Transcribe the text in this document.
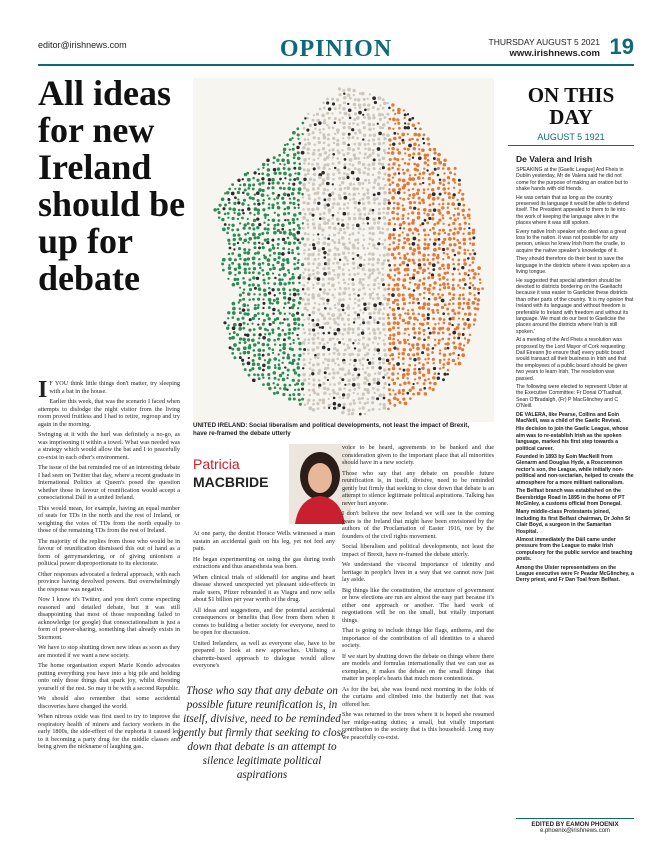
editor@irishnews.com	OPINION	THURSDAY AUGUST 5 2021
www.irishnews.com 19
All ideas for new Ireland should be up for debate
UNITED IRELAND: Social liberalism and political developments, not least the impact of Brexit, have re-framed the debate utterly
I F YOU think little things don't matter, try sleeping with a bat in the house.

Earlier this week, that was the scenario I faced when attempts to dislodge the night visitor from the living room proved fruitless and I had to retire, regroup and try again in the morning.

Swinging at it with the hurl was definitely a no-go, as was imprisoning it within a towel. What was needed was a strategy which would allow the bat and I to peacefully co-exist in each other's environment.

The issue of the bat reminded me of an interesting debate I had seen on Twitter that day, where a recent graduate in International Politics at Queen's posed the question whether those in favour of reunification would accept a consociational Dáil in a united Ireland.

This would mean, for example, having an equal number of seats for TDs in the north and the rest of Ireland, or weighting the votes of TDs from the north equally to those of the remaining TDs from the rest of Ireland.

The majority of the replies from those who would be in favour of reunification dismissed this out of hand as a form of gerrymandering, or of giving unionism a political power disproportionate to its electorate.

Other responses advocated a federal approach, with each province having devolved powers. But overwhelmingly the response was negative.

Now I know it's Twitter, and you don't come expecting reasoned and detailed debate, but it was still disappointing that most of those responding failed to acknowledge (or google) that consociationalism is just a form of power-sharing, something that already exists in Stormont.

We have to stop shutting down new ideas as soon as they are mooted if we want a new society.

The home organisation expert Marie Kondo advocates putting everything you have into a big pile and holding onto only those things that spark joy, whilst divesting yourself of the rest. So may it be with a second Republic.

We should also remember that some accidental discoveries have changed the world.

When nitrous oxide was first used to try to improve the respiratory health of miners and factory workers in the early 1800s, the side-effect of the euphoria it caused led to it becoming a party drug for the middle classes and being given the nickname of laughing gas.

Patricia
MACBRIDE

At one party, the dentist Horace Wells witnessed a man sustain an accidental gash on his leg, yet not feel any pain.

He began experimenting on using the gas during tooth extractions and thus anaesthesia was born.

When clinical trials of sildenafil for angina and heart disease showed unexpected yet pleasant side-effects in male users, Pfizer rebranded it as Viagra and now sells about $1 billion per year worth of the drug.

All ideas and suggestions, and the potential accidental consequences or benefits that flow from them when it comes to building a better society for everyone, need to be open for discussion.

United Irelanders, as well as everyone else, have to be prepared to look at new approaches. Utilising a charrette-based approach to dialogue would allow everyone's

voice to be heard, agreements to be banked and due consideration given to the important place that all minorities should have in a new society.

Those who say that any debate on possible future reunification is, in itself, divisive, need to be reminded gently but firmly that seeking to close down that debate is an attempt to silence legitimate political aspirations. Talking has never hurt anyone.

I don't believe the new Ireland we will see in the coming years is the Ireland that might have been envisioned by the authors of the Proclamation of Easter 1916, nor by the founders of the civil rights movement.

Social liberalism and political developments, not least the impact of Brexit, have re-framed the debate utterly.

We understand the visceral importance of identity and heritage in people's lives in a way that we cannot now just lay aside.

Big things like the constitution, the structure of government or how elections are run are almost the easy part because it's either one approach or another. The hard work of negotiations will be on the small, but vitally important things.

That is going to include things like flags, anthems, and the importance of the contribution of all identities to a shared society.

If we start by shutting down the debate on things where there are models and formulas internationally that we can use as exemplars, it makes the debate on the small things that matter in people's hearts that much more contentious.

As for the bat, she was found next morning in the folds of the curtains and climbed into the butterfly net that was offered her.

She was returned to the trees where it is hoped she resumed her midge-eating duties; a small, but vitally important contribution to the society that is this household. Long may we peacefully co-exist.

Those who say that any debate on possible future reunification is, in itself, divisive, need to be reminded gently but firmly that seeking to close down that debate is an attempt to silence legitimate political aspirations
ON THIS DAY
AUGUST 5 1921
De Valera and Irish

SPEAKING at the [Gaelic League] Ard Fheis in Dublin yesterday, Mr de Valera said he did not come for the purpose of making an oration but to shake hands with old friends.

He was certain that as long as the country preserved its language it would be able to defend itself. The President appealed to them to lie into the work of keeping the language alive in the places where it was still spoken.

Every native Irish speaker who died was a great loss to the nation. It was not possible for any person, unless he knew Irish from the cradle, to acquire the native speaker's knowledge of it.

They should therefore do their best to save the language in the districts where it was spoken as a living tongue.

He suggested that special attention should be devoted to districts bordering on the Gaeltacht because it was easier to Gaelicise these districts than other parts of the country. 'It is my opinion that Ireland with its language and without freedom is preferable to Ireland with freedom and without its language. We must do our best to Gaelicise the places around the districts where Irish is still spoken.'

At a meeting of the Ard Fheis a resolution was proposed by the Lord Mayor of Cork requesting Dail Eireann [to ensure that] every public board would transact all their business in Irish and that the employees of a public board should be given two years to learn Irish. The resolution was passed.

The following were elected to represent Ulster at the Executive Committee: Fr Donal O'Tuathail, Sean O'Bradaigh, (Fr) P MacGlinchey and C O'Neill.

DE VALERA, like Pearse, Collins and Eoin MacNeill, was a child of the Gaelic Revival.

His decision to join the Gaelic League, whose aim was to re-establish Irish as the spoken language, marked his first step towards a political career.

Founded in 1893 by Eoin MacNeill from Glenarm and Douglas Hyde, a Roscommon rector's son, the League, while initially non-political and non-sectarian, helped to create the atmosphere for a more militant nationalism.

The Belfast branch was established on the Beersbridge Road in 1895 in the home of PT McGinley, a customs official from Donegal.

Many middle-class Protestants joined, including its first Belfast chairman, Dr John St Clair Boyd, a surgeon in the Samaritan Hospital.

Almost immediately the Dáil came under pressure from the League to make Irish compulsory for the public service and teaching posts.

Among the Ulster representatives on the League executive were Fr Peadar McGlinchey, a Derry priest, and Fr Dan Toal from Belfast.

EDITED BY EAMON PHOENIX
e.phoenix@irishnews.com
